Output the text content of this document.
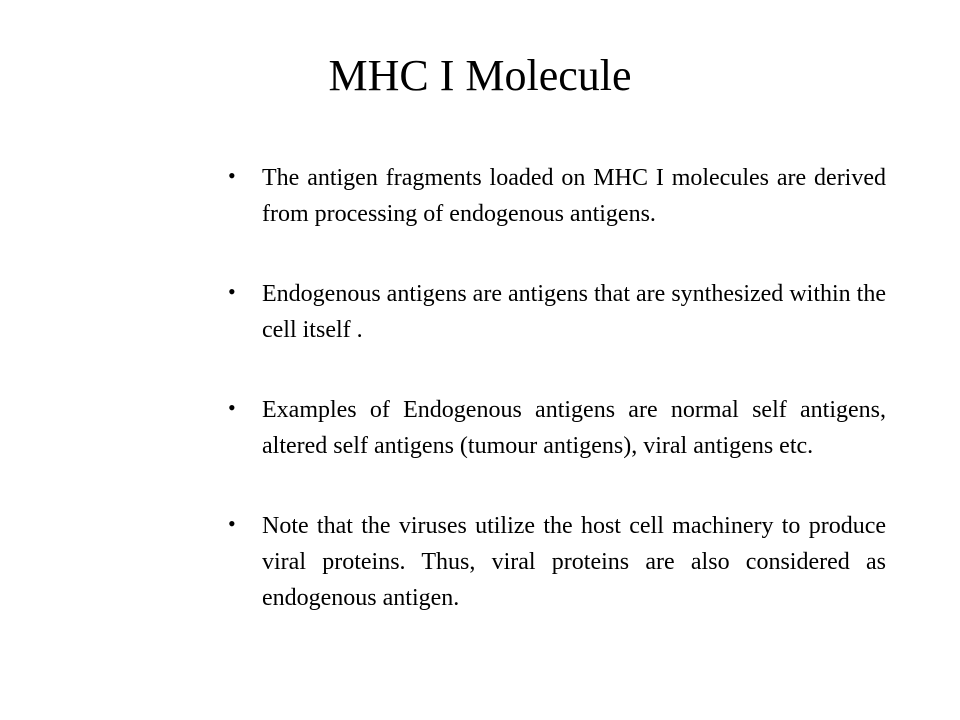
MHC I Molecule
• The antigen fragments loaded on MHC I molecules are derived from processing of endogenous antigens.
• Endogenous antigens are antigens that are synthesized within the cell itself .
• Examples of Endogenous antigens are normal self antigens, altered self antigens (tumour antigens), viral antigens etc.
• Note that the viruses utilize the host cell machinery to produce viral proteins. Thus, viral proteins are also considered as endogenous antigen.
